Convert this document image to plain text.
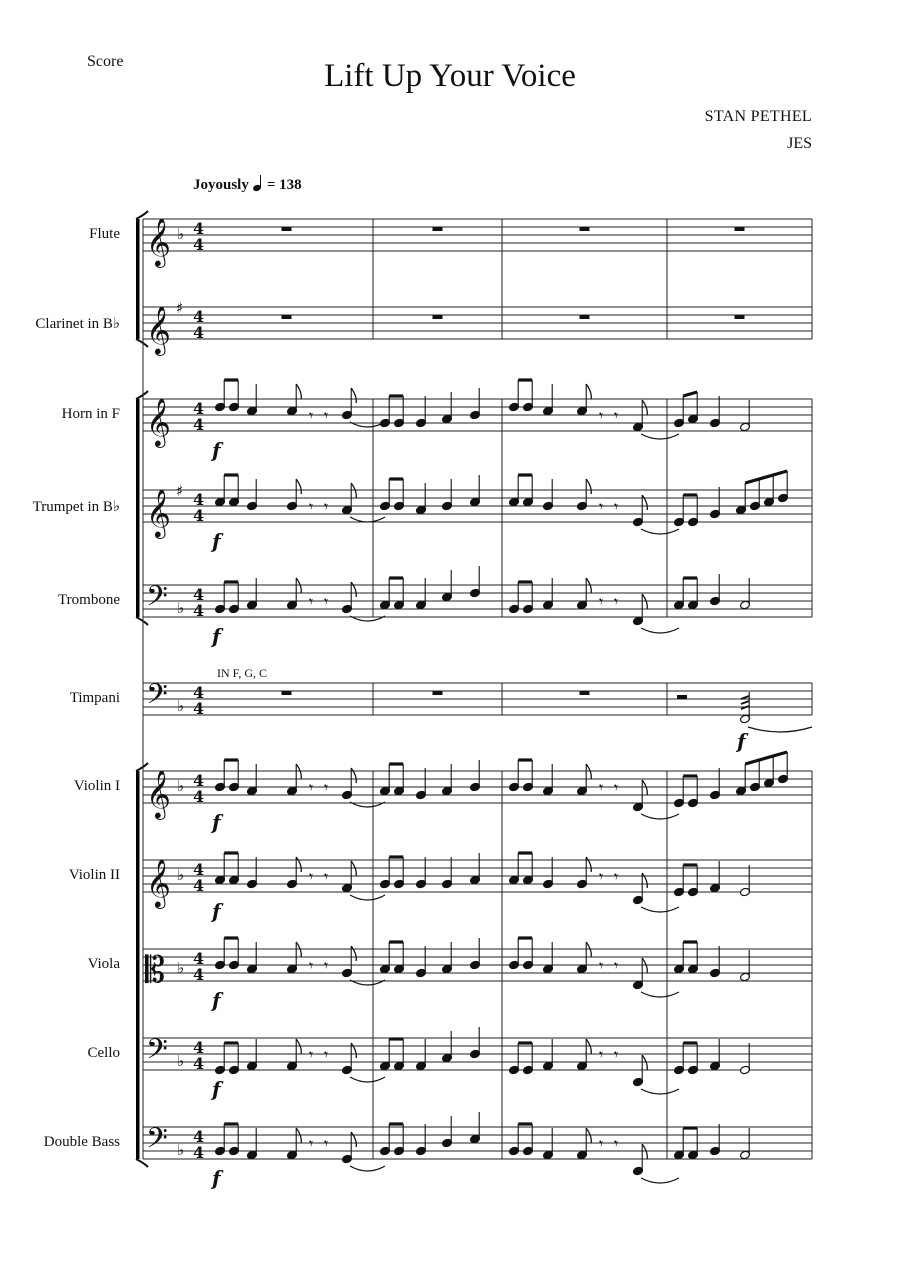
Score	Lift Up Your Voice
STAN PETHEL
JES
Joyously = 138
IN F, G, C
Flute
Clarinet in B♭
Horn in F
Trumpet in B♭
Trombone
Timpani
Violin I
Violin II
Viola
Cello
Double Bass
𝄞 ♭ 4
4
𝄞 ♯ 4
4
𝄞 4
4
𝄞 ♯ 4
4
𝄢 ♭
4
4
𝄢 ♭
4
4
𝄞 ♭ 4
4
𝄞 ♭ 4
4
𝄡 ♭ 4
4
𝄢 ♭
4
4
𝄢 ♭
4
4
f
f
𝄾 𝄾	𝄾 𝄾
f
𝄾 𝄾	𝄾 𝄾
f
𝄾 𝄾	𝄾 𝄾
f
𝄾 𝄾	𝄾 𝄾
f
𝄾 𝄾	𝄾 𝄾
f
𝄾 𝄾	𝄾 𝄾
f
𝄾 𝄾	𝄾 𝄾
f
𝄾 𝄾	𝄾 𝄾
